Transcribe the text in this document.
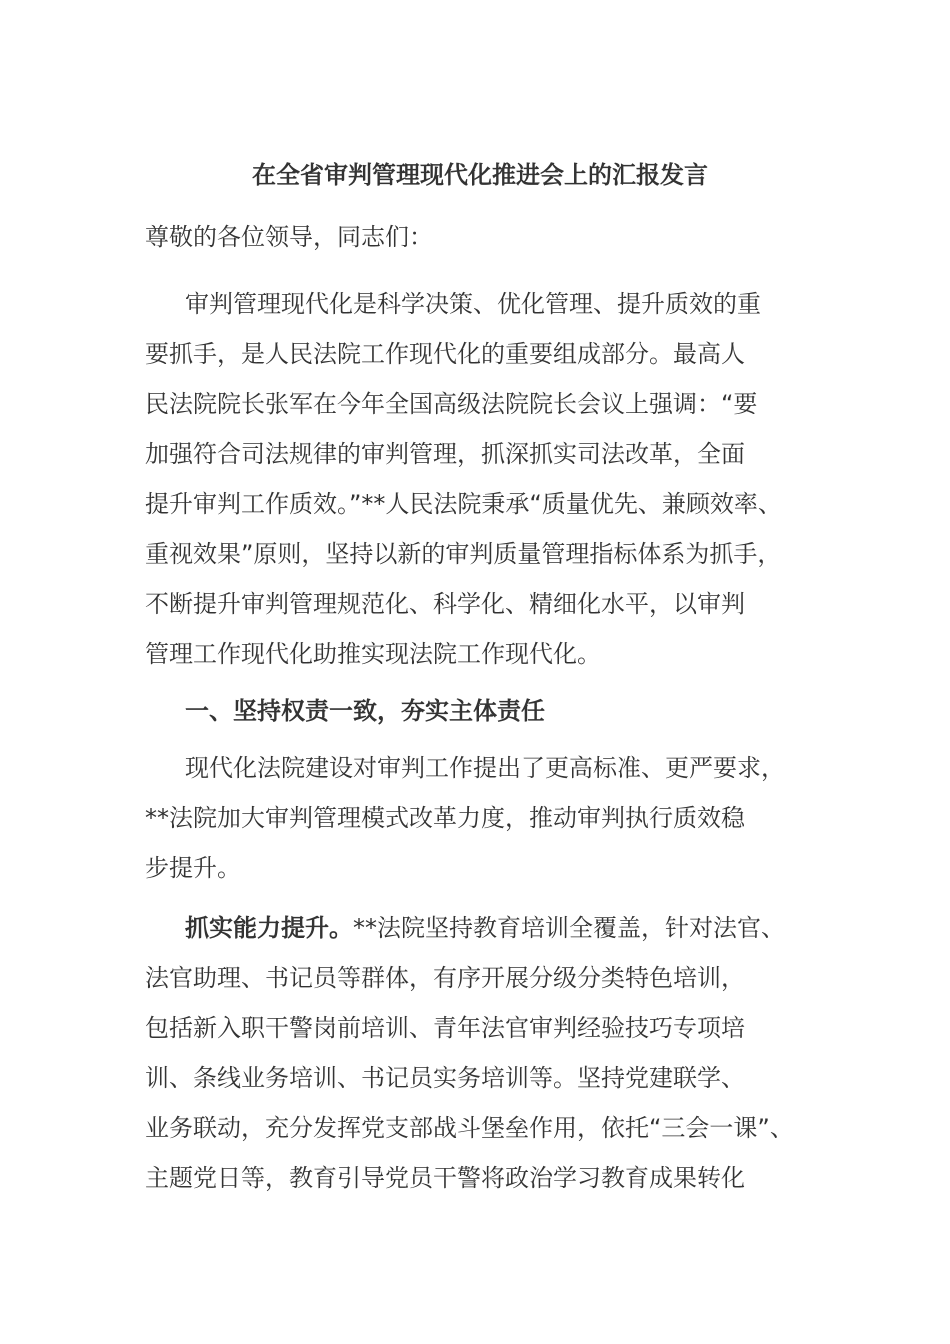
在全省审判管理现代化推进会上的汇报发言
尊敬的各位领导，同志们：
审判管理现代化是科学决策、优化管理、提升质效的重
要抓手，是人民法院工作现代化的重要组成部分。最高人
民法院院长张军在今年全国高级法院院长会议上强调：“要
加强符合司法规律的审判管理，抓深抓实司法改革，全面
提升审判工作质效。”**人民法院秉承“质量优先、兼顾效率、
重视效果”原则，坚持以新的审判质量管理指标体系为抓手，
不断提升审判管理规范化、科学化、精细化水平，以审判
管理工作现代化助推实现法院工作现代化。
一、坚持权责一致，夯实主体责任
现代化法院建设对审判工作提出了更高标准、更严要求，
**法院加大审判管理模式改革力度，推动审判执行质效稳
步提升。
抓实能力提升。**法院坚持教育培训全覆盖，针对法官、
法官助理、书记员等群体，有序开展分级分类特色培训，
包括新入职干警岗前培训、青年法官审判经验技巧专项培
训、条线业务培训、书记员实务培训等。坚持党建联学、
业务联动，充分发挥党支部战斗堡垒作用，依托“三会一课”、
主题党日等，教育引导党员干警将政治学习教育成果转化
